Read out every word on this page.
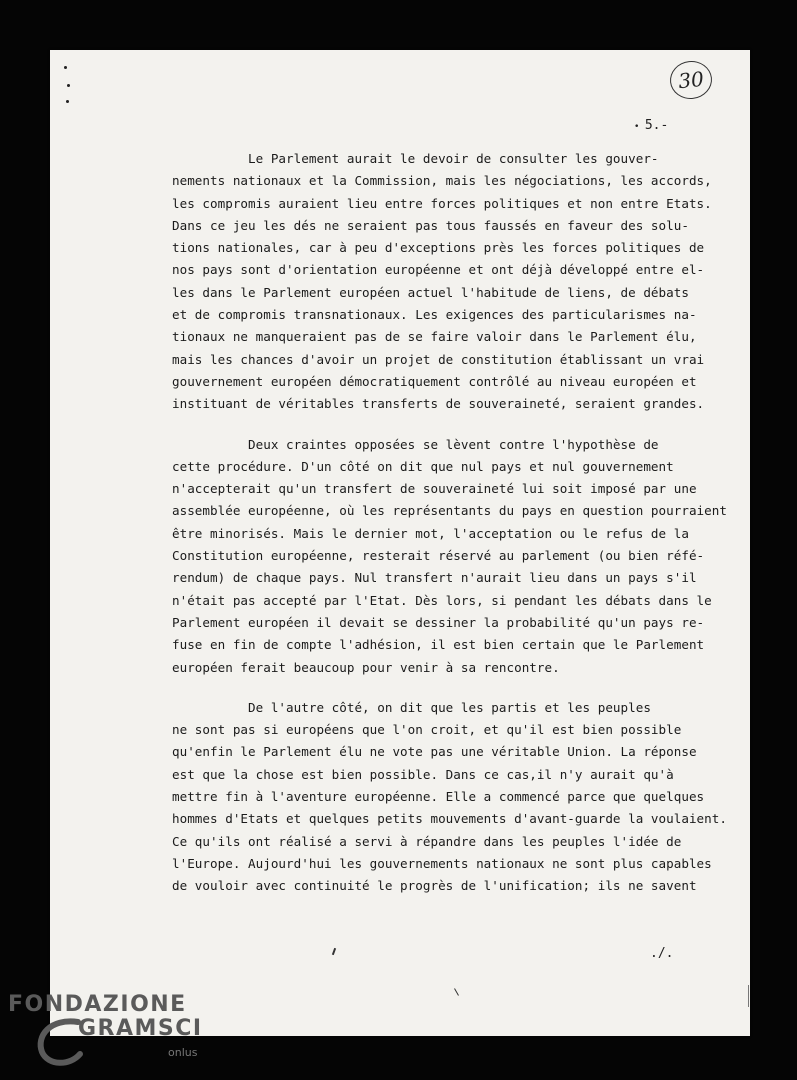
30
• 5.-
Le Parlement aurait le devoir de consulter les gouver-
nements nationaux et la Commission, mais les négociations, les accords,
les compromis auraient lieu entre forces politiques et non entre Etats.
Dans ce jeu les dés ne seraient pas tous faussés en faveur des solu-
tions nationales, car à peu d'exceptions près les forces politiques de
nos pays sont d'orientation européenne et ont déjà développé entre el-
les dans le Parlement européen actuel l'habitude de liens, de débats
et de compromis transnationaux. Les exigences des particularismes na-
tionaux ne manqueraient pas de se faire valoir dans le Parlement élu,
mais les chances d'avoir un projet de constitution établissant un vrai
gouvernement européen démocratiquement contrôlé au niveau européen et
instituant de véritables transferts de souveraineté, seraient grandes.
Deux craintes opposées se lèvent contre l'hypothèse de
cette procédure. D'un côté on dit que nul pays et nul gouvernement
n'accepterait qu'un transfert de souveraineté lui soit imposé par une
assemblée européenne, où les représentants du pays en question pourraient
être minorisés. Mais le dernier mot, l'acceptation ou le refus de la
Constitution européenne, resterait réservé au parlement (ou bien réfé-
rendum) de chaque pays. Nul transfert n'aurait lieu dans un pays s'il
n'était pas accepté par l'Etat. Dès lors, si pendant les débats dans le
Parlement européen il devait se dessiner la probabilité qu'un pays re-
fuse en fin de compte l'adhésion, il est bien certain que le Parlement
européen ferait beaucoup pour venir à sa rencontre.
De l'autre côté, on dit que les partis et les peuples
ne sont pas si européens que l'on croit, et qu'il est bien possible
qu'enfin le Parlement élu ne vote pas une véritable Union. La réponse
est que la chose est bien possible. Dans ce cas,il n'y aurait qu'à
mettre fin à l'aventure européenne. Elle a commencé parce que quelques
hommes d'Etats et quelques petits mouvements d'avant-guarde la voulaient.
Ce qu'ils ont réalisé a servi à répandre dans les peuples l'idée de
l'Europe. Aujourd'hui les gouvernements nationaux ne sont plus capables
de vouloir avec continuité le progrès de l'unification; ils ne savent
./.
FONDAZIONE
GRAMSCI
onlus
